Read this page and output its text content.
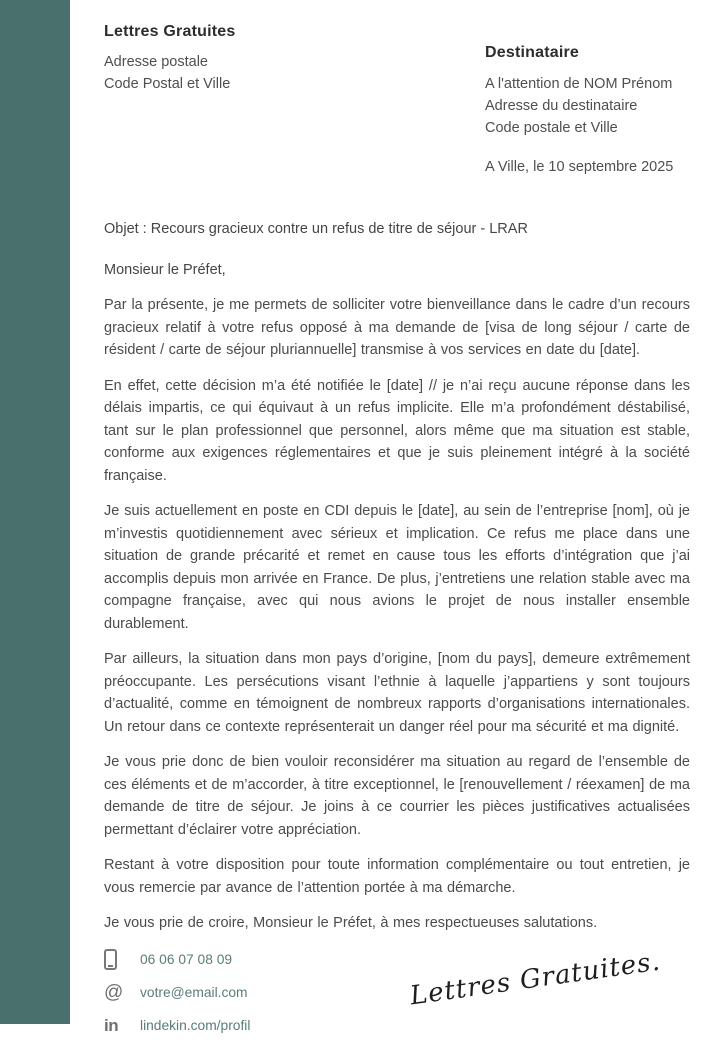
Lettres Gratuites
Adresse postale
Code Postal et Ville
Destinataire
A l'attention de NOM Prénom
Adresse du destinataire
Code postale et Ville
A Ville, le 10 septembre 2025

Objet : Recours gracieux contre un refus de titre de séjour - LRAR

Monsieur le Préfet,

Par la présente, je me permets de solliciter votre bienveillance dans le cadre d’un recours gracieux relatif à votre refus opposé à ma demande de [visa de long séjour / carte de résident / carte de séjour pluriannuelle] transmise à vos services en date du [date].

En effet, cette décision m’a été notifiée le [date] // je n’ai reçu aucune réponse dans les délais impartis, ce qui équivaut à un refus implicite. Elle m’a profondément déstabilisé, tant sur le plan professionnel que personnel, alors même que ma situation est stable, conforme aux exigences réglementaires et que je suis pleinement intégré à la société française.

Je suis actuellement en poste en CDI depuis le [date], au sein de l’entreprise [nom], où je m’investis quotidiennement avec sérieux et implication. Ce refus me place dans une situation de grande précarité et remet en cause tous les efforts d’intégration que j’ai accomplis depuis mon arrivée en France. De plus, j’entretiens une relation stable avec ma compagne française, avec qui nous avions le projet de nous installer ensemble durablement.

Par ailleurs, la situation dans mon pays d’origine, [nom du pays], demeure extrêmement préoccupante. Les persécutions visant l’ethnie à laquelle j’appartiens y sont toujours d’actualité, comme en témoignent de nombreux rapports d’organisations internationales. Un retour dans ce contexte représenterait un danger réel pour ma sécurité et ma dignité.

Je vous prie donc de bien vouloir reconsidérer ma situation au regard de l’ensemble de ces éléments et de m’accorder, à titre exceptionnel, le [renouvellement / réexamen] de ma demande de titre de séjour. Je joins à ce courrier les pièces justificatives actualisées permettant d’éclairer votre appréciation.

Restant à votre disposition pour toute information complémentaire ou tout entretien, je vous remercie par avance de l’attention portée à ma démarche.

Je vous prie de croire, Monsieur le Préfet, à mes respectueuses salutations.

06 06 07 08 09
@ votre@email.com
in lindekin.com/profil
Lettres Gratuites.
